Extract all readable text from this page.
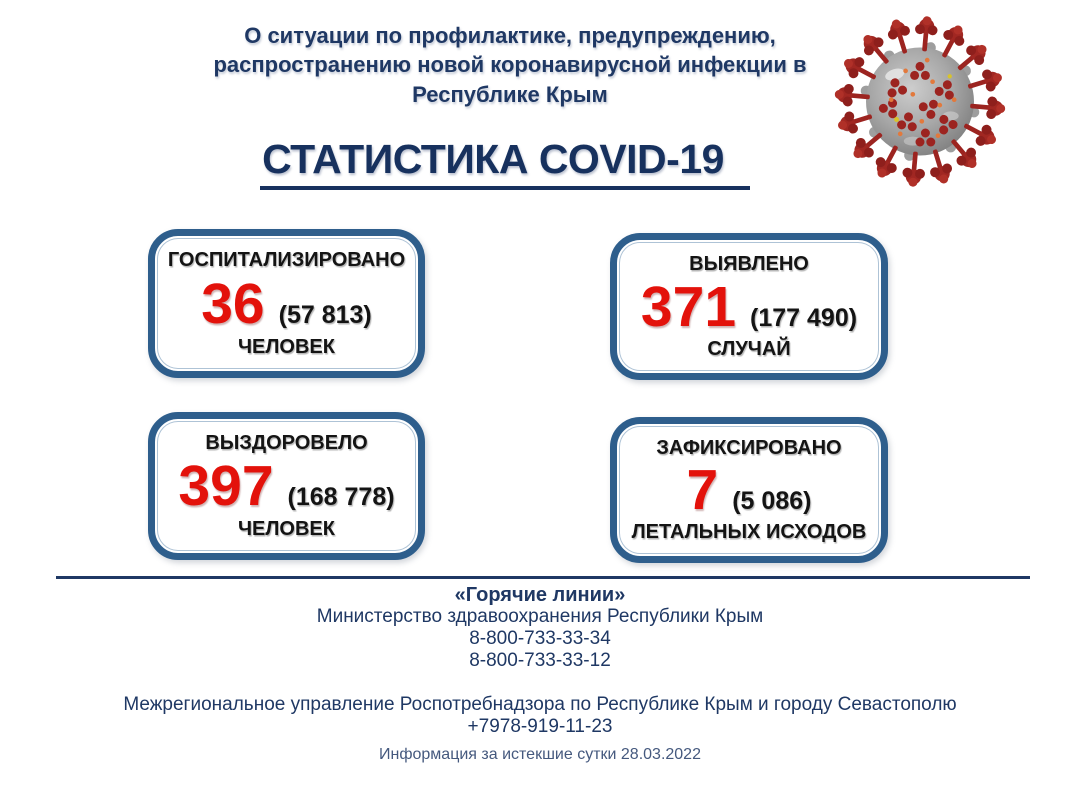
О ситуации по профилактике, предупреждению, распространению новой коронавирусной инфекции в Республике Крым
СТАТИСТИКА COVID-19
ГОСПИТАЛИЗИРОВАНО
36 (57 813)
ЧЕЛОВЕК
ВЫЯВЛЕНО
371 (177 490)
СЛУЧАЙ
ВЫЗДОРОВЕЛО
397 (168 778)
ЧЕЛОВЕК
ЗАФИКСИРОВАНО
7 (5 086)
ЛЕТАЛЬНЫХ ИСХОДОВ
«Горячие линии»
Министерство здравоохранения Республики Крым
8-800-733-33-34
8-800-733-33-12
Межрегиональное управление Роспотребнадзора по Республике Крым и городу Севастополю
+7978-919-11-23
Информация за истекшие сутки 28.03.2022
